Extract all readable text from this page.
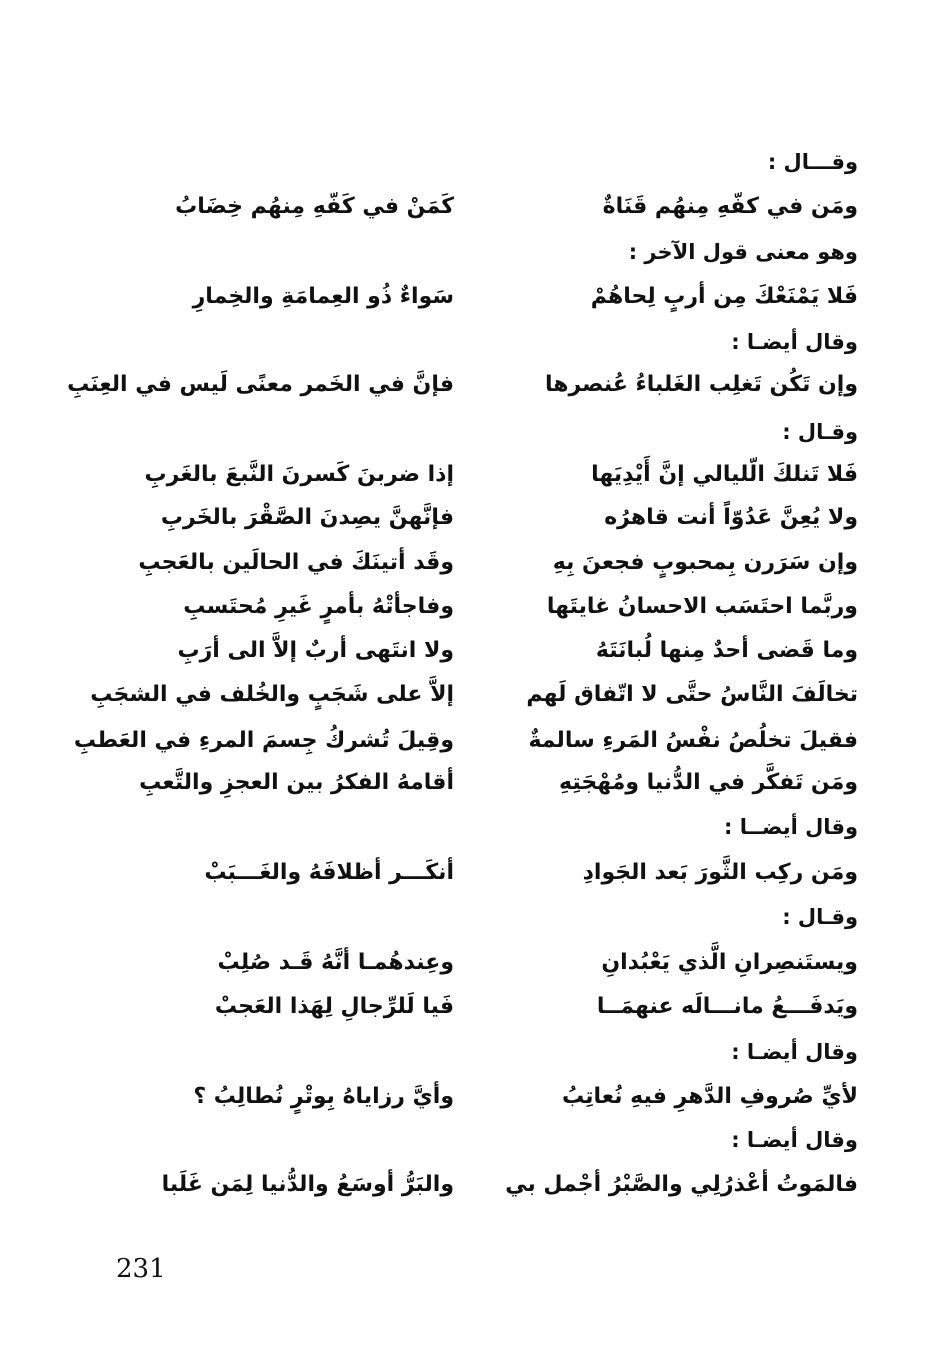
وقـــال :
ومَن في كفّهِ مِنهُم قَنَاةٌ
كَمَنْ في كَفّهِ مِنهُم خِضَابُ
وهو معنى قول الآخر :
فَلا يَمْنَعْكَ مِن أربٍ لِحاهُمْ
سَواءٌ ذُو العِمامَةِ والخِمارِ
وقال أيضـا :
وإن تَكُن تَغلِب الغَلباءُ عُنصرها
فإنَّ في الخَمر معنًى لَيس في العِنَبِ
وقـال :
فَلا تَنلكَ الّليالي إنَّ أَيْدِيَها
إذا ضربنَ كَسرنَ النَّبعَ بالغَربِ
ولا يُعِنَّ عَدُوّاً أنت قاهرُه
فإنَّهنَّ يصِدنَ الصَّقْرَ بالخَربِ
وإن سَرَرن بِمحبوبٍ فجعنَ بِهِ
وقَد أتينَكَ في الحالَين بالعَجبِ
وربَّما احتَسَب الاحسانُ غايتَها
وفاجأتْهُ بأمرٍ غَيرِ مُحتَسبِ
وما قَضى أحدٌ مِنها لُبانَتَهُ
ولا انتَهى أربٌ إلاَّ الى أرَبِ
تخالَفَ النَّاسُ حتَّى لا اتّفاق لَهم
إلاَّ على شَجَبٍ والخُلف في الشجَبِ
فقيلَ تخلُصُ نفْسُ المَرءِ سالمةٌ
وقِيلَ تُشركُ جِسمَ المرءِ في العَطبِ
ومَن تَفكَّر في الدُّنيا ومُهْجَتِهِ
أقامهُ الفكرُ بين العجزِ والتَّعبِ
وقال أيضــا :
ومَن ركِب الثَّورَ بَعد الجَوادِ
أنكَـــر أظلافَهُ والغَـــبَبْ
وقـال :
ويستَنصِرانِ الَّذي يَعْبُدانِ
وعِندهُمـا أنَّهُ قَـد صُلِبْ
ويَدفَـــعُ مانـــالَه عنهمَــا
فَيا لَلرِّجالِ لِهَذا العَجبْ
وقال أيضـا :
لأيِّ صُروفِ الدَّهرِ فيهِ نُعاتِبُ
وأيَّ رزاياهُ بِوتْرٍ نُطالِبُ ؟
وقال أيضـا :
فالمَوتُ أعْذرُلِي والصَّبْرُ أجْمل بي
والبَرُّ أوسَعُ والدُّنيا لِمَن غَلَبا
231
